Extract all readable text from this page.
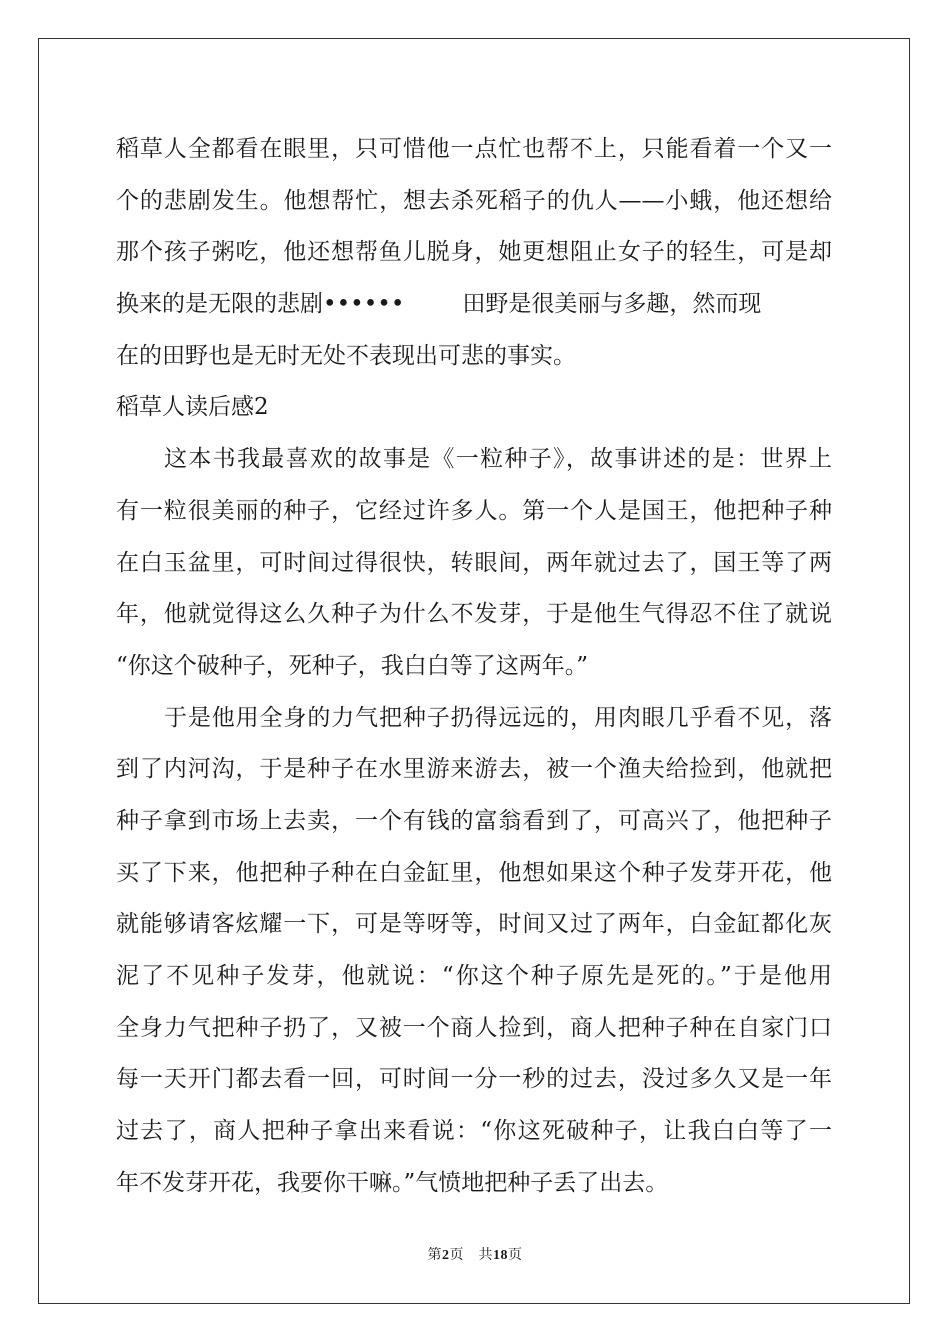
稻草人全都看在眼里，只可惜他一点忙也帮不上，只能看着一个又一
个的悲剧发生。他想帮忙，想去杀死稻子的仇人——小蛾，他还想给
那个孩子粥吃，他还想帮鱼儿脱身，她更想阻止女子的轻生，可是却
换来的是无限的悲剧••••••	田野是很美丽与多趣，然而现
在的田野也是无时无处不表现出可悲的事实。
稻草人读后感2
这本书我最喜欢的故事是《一粒种子》，故事讲述的是：世界上
有一粒很美丽的种子，它经过许多人。第一个人是国王，他把种子种
在白玉盆里，可时间过得很快，转眼间，两年就过去了，国王等了两
年，他就觉得这么久种子为什么不发芽，于是他生气得忍不住了就说
“你这个破种子，死种子，我白白等了这两年。”
于是他用全身的力气把种子扔得远远的，用肉眼几乎看不见，落
到了内河沟，于是种子在水里游来游去，被一个渔夫给捡到，他就把
种子拿到市场上去卖，一个有钱的富翁看到了，可高兴了，他把种子
买了下来，他把种子种在白金缸里，他想如果这个种子发芽开花，他
就能够请客炫耀一下，可是等呀等，时间又过了两年，白金缸都化灰
泥了不见种子发芽，他就说：“你这个种子原先是死的。”于是他用
全身力气把种子扔了，又被一个商人捡到，商人把种子种在自家门口
每一天开门都去看一回，可时间一分一秒的过去，没过多久又是一年
过去了，商人把种子拿出来看说：“你这死破种子，让我白白等了一
年不发芽开花，我要你干嘛。”气愤地把种子丢了出去。
第2页　共18页
